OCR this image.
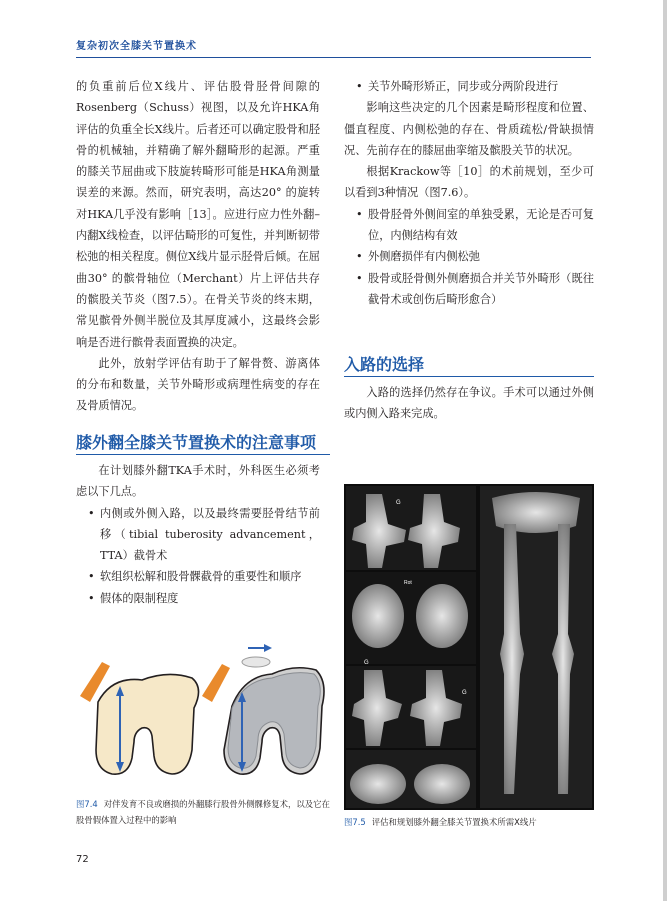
复杂初次全膝关节置换术

的负重前后位X线片、评估股骨胫骨间隙的Rosenberg（Schuss）视图，以及允许HKA角评估的负重全长X线片。后者还可以确定股骨和胫骨的机械轴，并精确了解外翻畸形的起源。严重的膝关节屈曲或下肢旋转畸形可能是HKA角测量误差的来源。然而，研究表明，高达20° 的旋转对HKA几乎没有影响［13］。应进行应力性外翻–内翻X线检查，以评估畸形的可复性，并判断韧带松弛的相关程度。侧位X线片显示胫骨后倾。在屈曲30° 的髌骨轴位（Merchant）片上评估共存的髌股关节炎（图7.5）。在骨关节炎的终末期，常见髌骨外侧半脱位及其厚度减小，这最终会影响是否进行髌骨表面置换的决定。

此外，放射学评估有助于了解骨赘、游离体的分布和数量，关节外畸形或病理性病变的存在及骨质情况。

膝外翻全膝关节置换术的注意事项

在计划膝外翻TKA手术时，外科医生必须考虑以下几点。

• 内侧或外侧入路，以及最终需要胫骨结节前移（tibial tuberosity advancement，TTA）截骨术
• 软组织松解和股骨髁截骨的重要性和顺序
• 假体的限制程度
图7.4 对伴发育不良或磨损的外翻膝行股骨外侧髁修复术，以及它在股骨假体置入过程中的影响
• 关节外畸形矫正，同步或分两阶段进行

影响这些决定的几个因素是畸形程度和位置、僵直程度、内侧松弛的存在、骨质疏松/骨缺损情况、先前存在的膝屈曲挛缩及髌股关节的状况。

根据Krackow等［10］的术前规划，至少可以看到3种情况（图7.6）。

• 股骨胫骨外侧间室的单独受累，无论是否可复位，内侧结构有效
• 外侧磨损伴有内侧松弛
• 股骨或胫骨侧外侧磨损合并关节外畸形（既往截骨术或创伤后畸形愈合）
入路的选择

入路的选择仍然存在争议。手术可以通过外侧或内侧入路来完成。

G
G
Rot
G
图7.5 评估和规划膝外翻全膝关节置换术所需X线片
72
